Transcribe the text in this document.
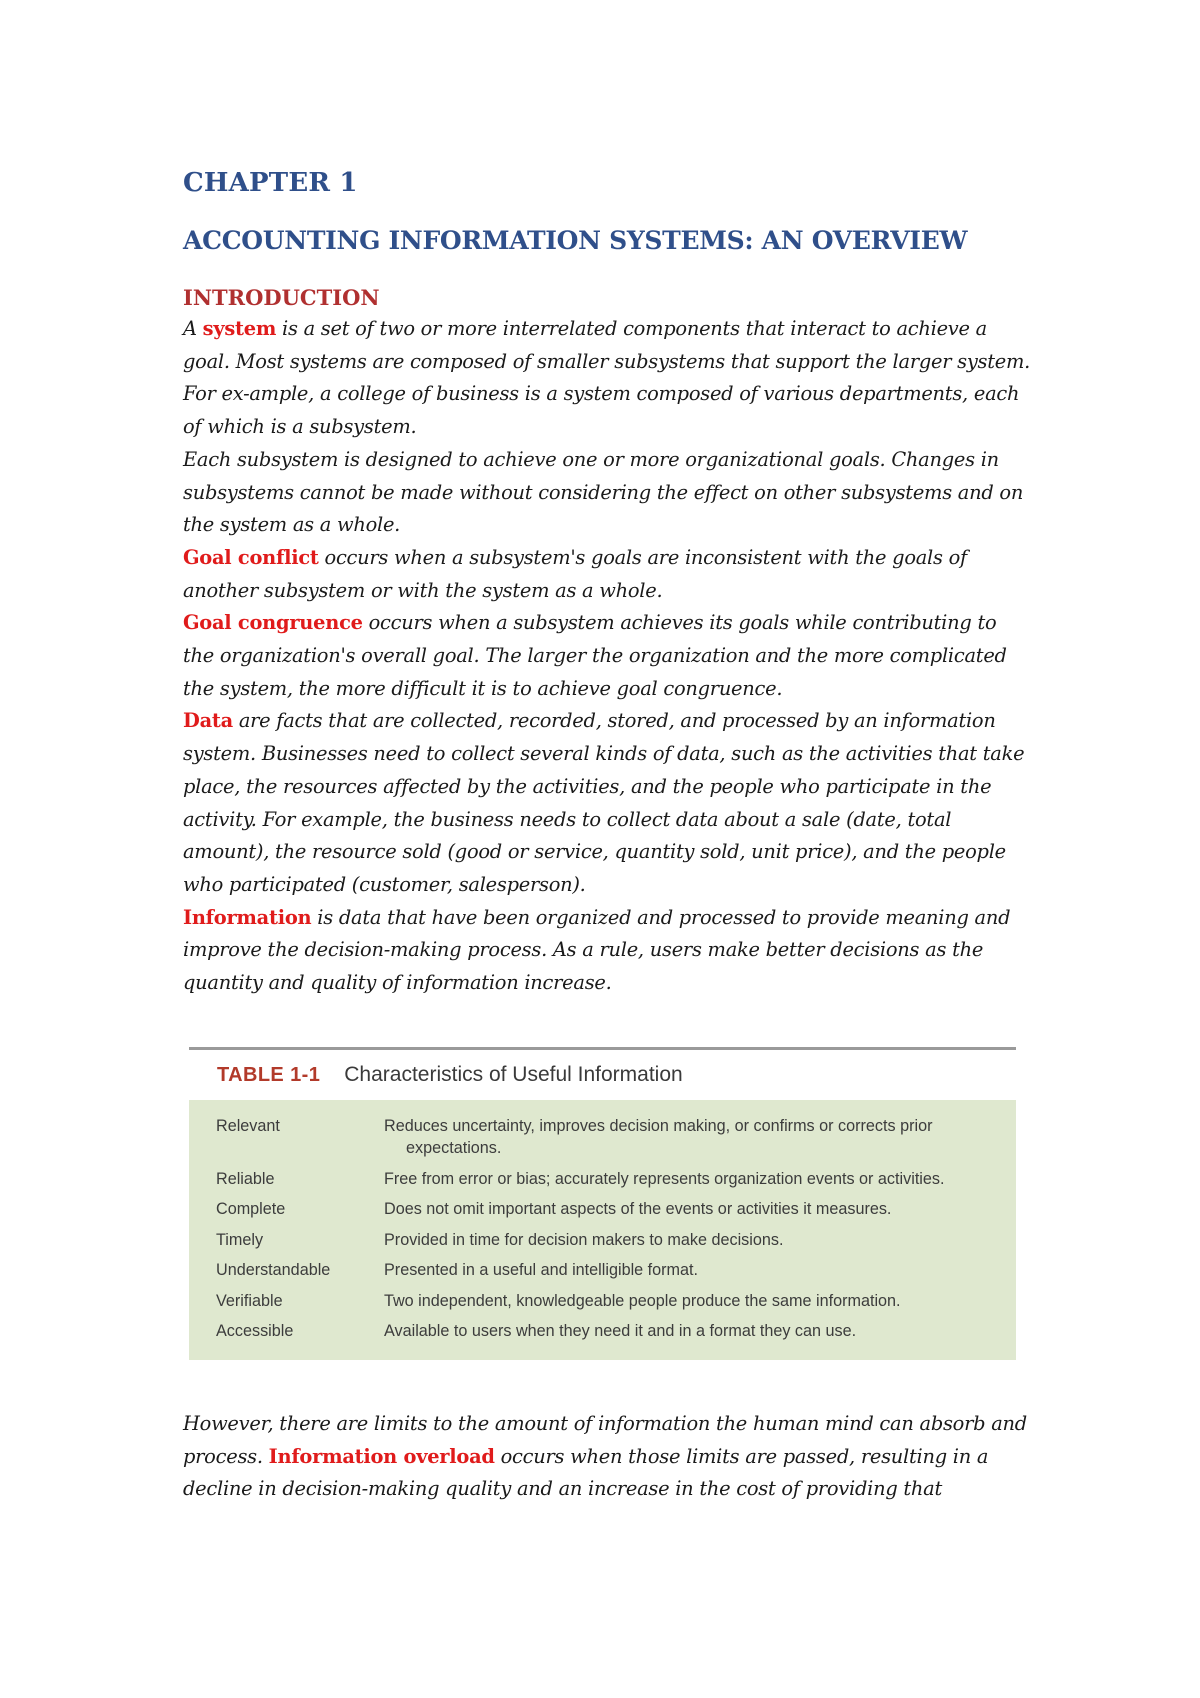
CHAPTER 1
ACCOUNTING INFORMATION SYSTEMS: AN OVERVIEW
INTRODUCTION

A system is a set of two or more interrelated components that interact to achieve a goal. Most systems are composed of smaller subsystems that support the larger system. For ex-ample, a college of business is a system composed of various departments, each of which is a subsystem.

Each subsystem is designed to achieve one or more organizational goals. Changes in subsystems cannot be made without considering the effect on other subsystems and on the system as a whole.

Goal conflict occurs when a subsystem's goals are inconsistent with the goals of another subsystem or with the system as a whole.

Goal congruence occurs when a subsystem achieves its goals while contributing to the organization's overall goal. The larger the organization and the more complicated the system, the more difficult it is to achieve goal congruence.

Data are facts that are collected, recorded, stored, and processed by an information system. Businesses need to collect several kinds of data, such as the activities that take place, the resources affected by the activities, and the people who participate in the activity. For example, the business needs to collect data about a sale (date, total amount), the resource sold (good or service, quantity sold, unit price), and the people who participated (customer, salesperson).

Information is data that have been organized and processed to provide meaning and improve the decision-making process. As a rule, users make better decisions as the quantity and quality of information increase.

TABLE 1-1 Characteristics of Useful Information
Relevant	Reduces uncertainty, improves decision making, or confirms or corrects prior
expectations.
Reliable	Free from error or bias; accurately represents organization events or activities.
Complete	Does not omit important aspects of the events or activities it measures.
Timely	Provided in time for decision makers to make decisions.
Understandable	Presented in a useful and intelligible format.
Verifiable	Two independent, knowledgeable people produce the same information.
Accessible	Available to users when they need it and in a format they can use.

However, there are limits to the amount of information the human mind can absorb and process. Information overload occurs when those limits are passed, resulting in a decline in decision-making quality and an increase in the cost of providing that
